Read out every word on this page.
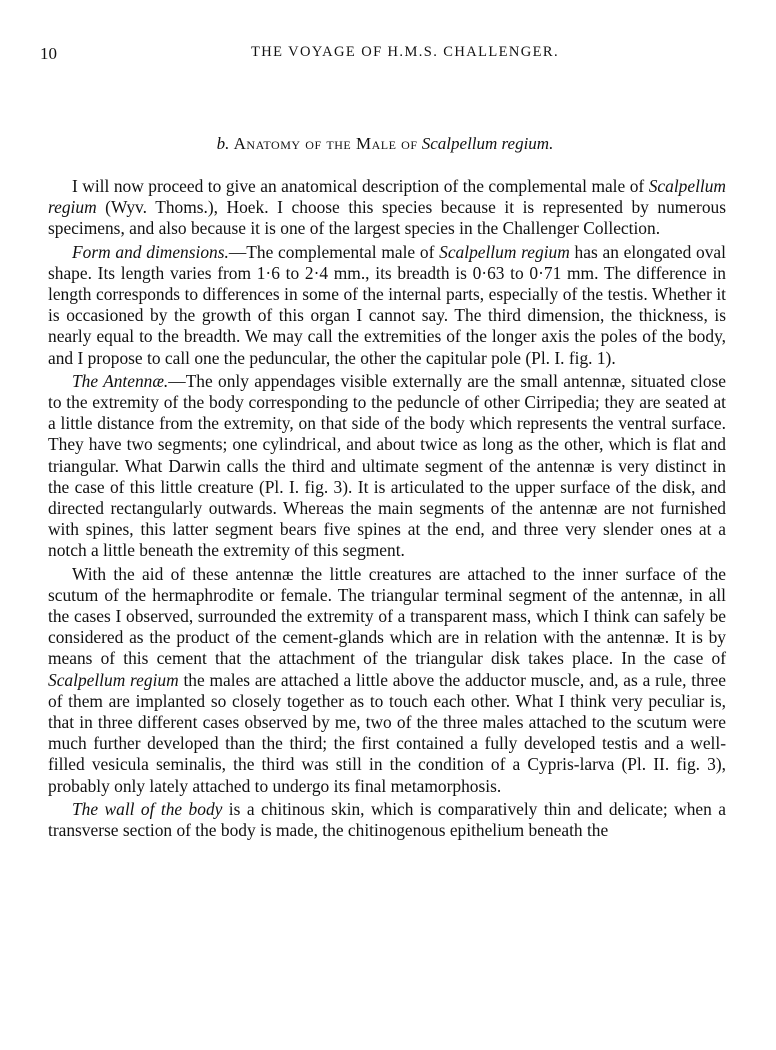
10	THE VOYAGE OF H.M.S. CHALLENGER.
b. Anatomy of the Male of Scalpellum regium.

I will now proceed to give an anatomical description of the complemental male of Scalpellum regium (Wyv. Thoms.), Hoek. I choose this species because it is represented by numerous specimens, and also because it is one of the largest species in the Challenger Collection.

Form and dimensions.—The complemental male of Scalpellum regium has an elongated oval shape. Its length varies from 1·6 to 2·4 mm., its breadth is 0·63 to 0·71 mm. The difference in length corresponds to differences in some of the internal parts, especially of the testis. Whether it is occasioned by the growth of this organ I cannot say. The third dimension, the thickness, is nearly equal to the breadth. We may call the extremities of the longer axis the poles of the body, and I propose to call one the peduncular, the other the capitular pole (Pl. I. fig. 1).

The Antennæ.—The only appendages visible externally are the small antennæ, situated close to the extremity of the body corresponding to the peduncle of other Cirripedia; they are seated at a little distance from the extremity, on that side of the body which represents the ventral surface. They have two segments; one cylindrical, and about twice as long as the other, which is flat and triangular. What Darwin calls the third and ultimate segment of the antennæ is very distinct in the case of this little creature (Pl. I. fig. 3). It is articulated to the upper surface of the disk, and directed rectangularly outwards. Whereas the main segments of the antennæ are not furnished with spines, this latter segment bears five spines at the end, and three very slender ones at a notch a little beneath the extremity of this segment.

With the aid of these antennæ the little creatures are attached to the inner surface of the scutum of the hermaphrodite or female. The triangular terminal segment of the antennæ, in all the cases I observed, surrounded the extremity of a transparent mass, which I think can safely be considered as the product of the cement-glands which are in relation with the antennæ. It is by means of this cement that the attachment of the triangular disk takes place. In the case of Scalpellum regium the males are attached a little above the adductor muscle, and, as a rule, three of them are implanted so closely together as to touch each other. What I think very peculiar is, that in three different cases observed by me, two of the three males attached to the scutum were much further developed than the third; the first contained a fully developed testis and a well-filled vesicula seminalis, the third was still in the condition of a Cypris-larva (Pl. II. fig. 3), probably only lately attached to undergo its final metamorphosis.

The wall of the body is a chitinous skin, which is comparatively thin and delicate; when a transverse section of the body is made, the chitinogenous epithelium beneath the
